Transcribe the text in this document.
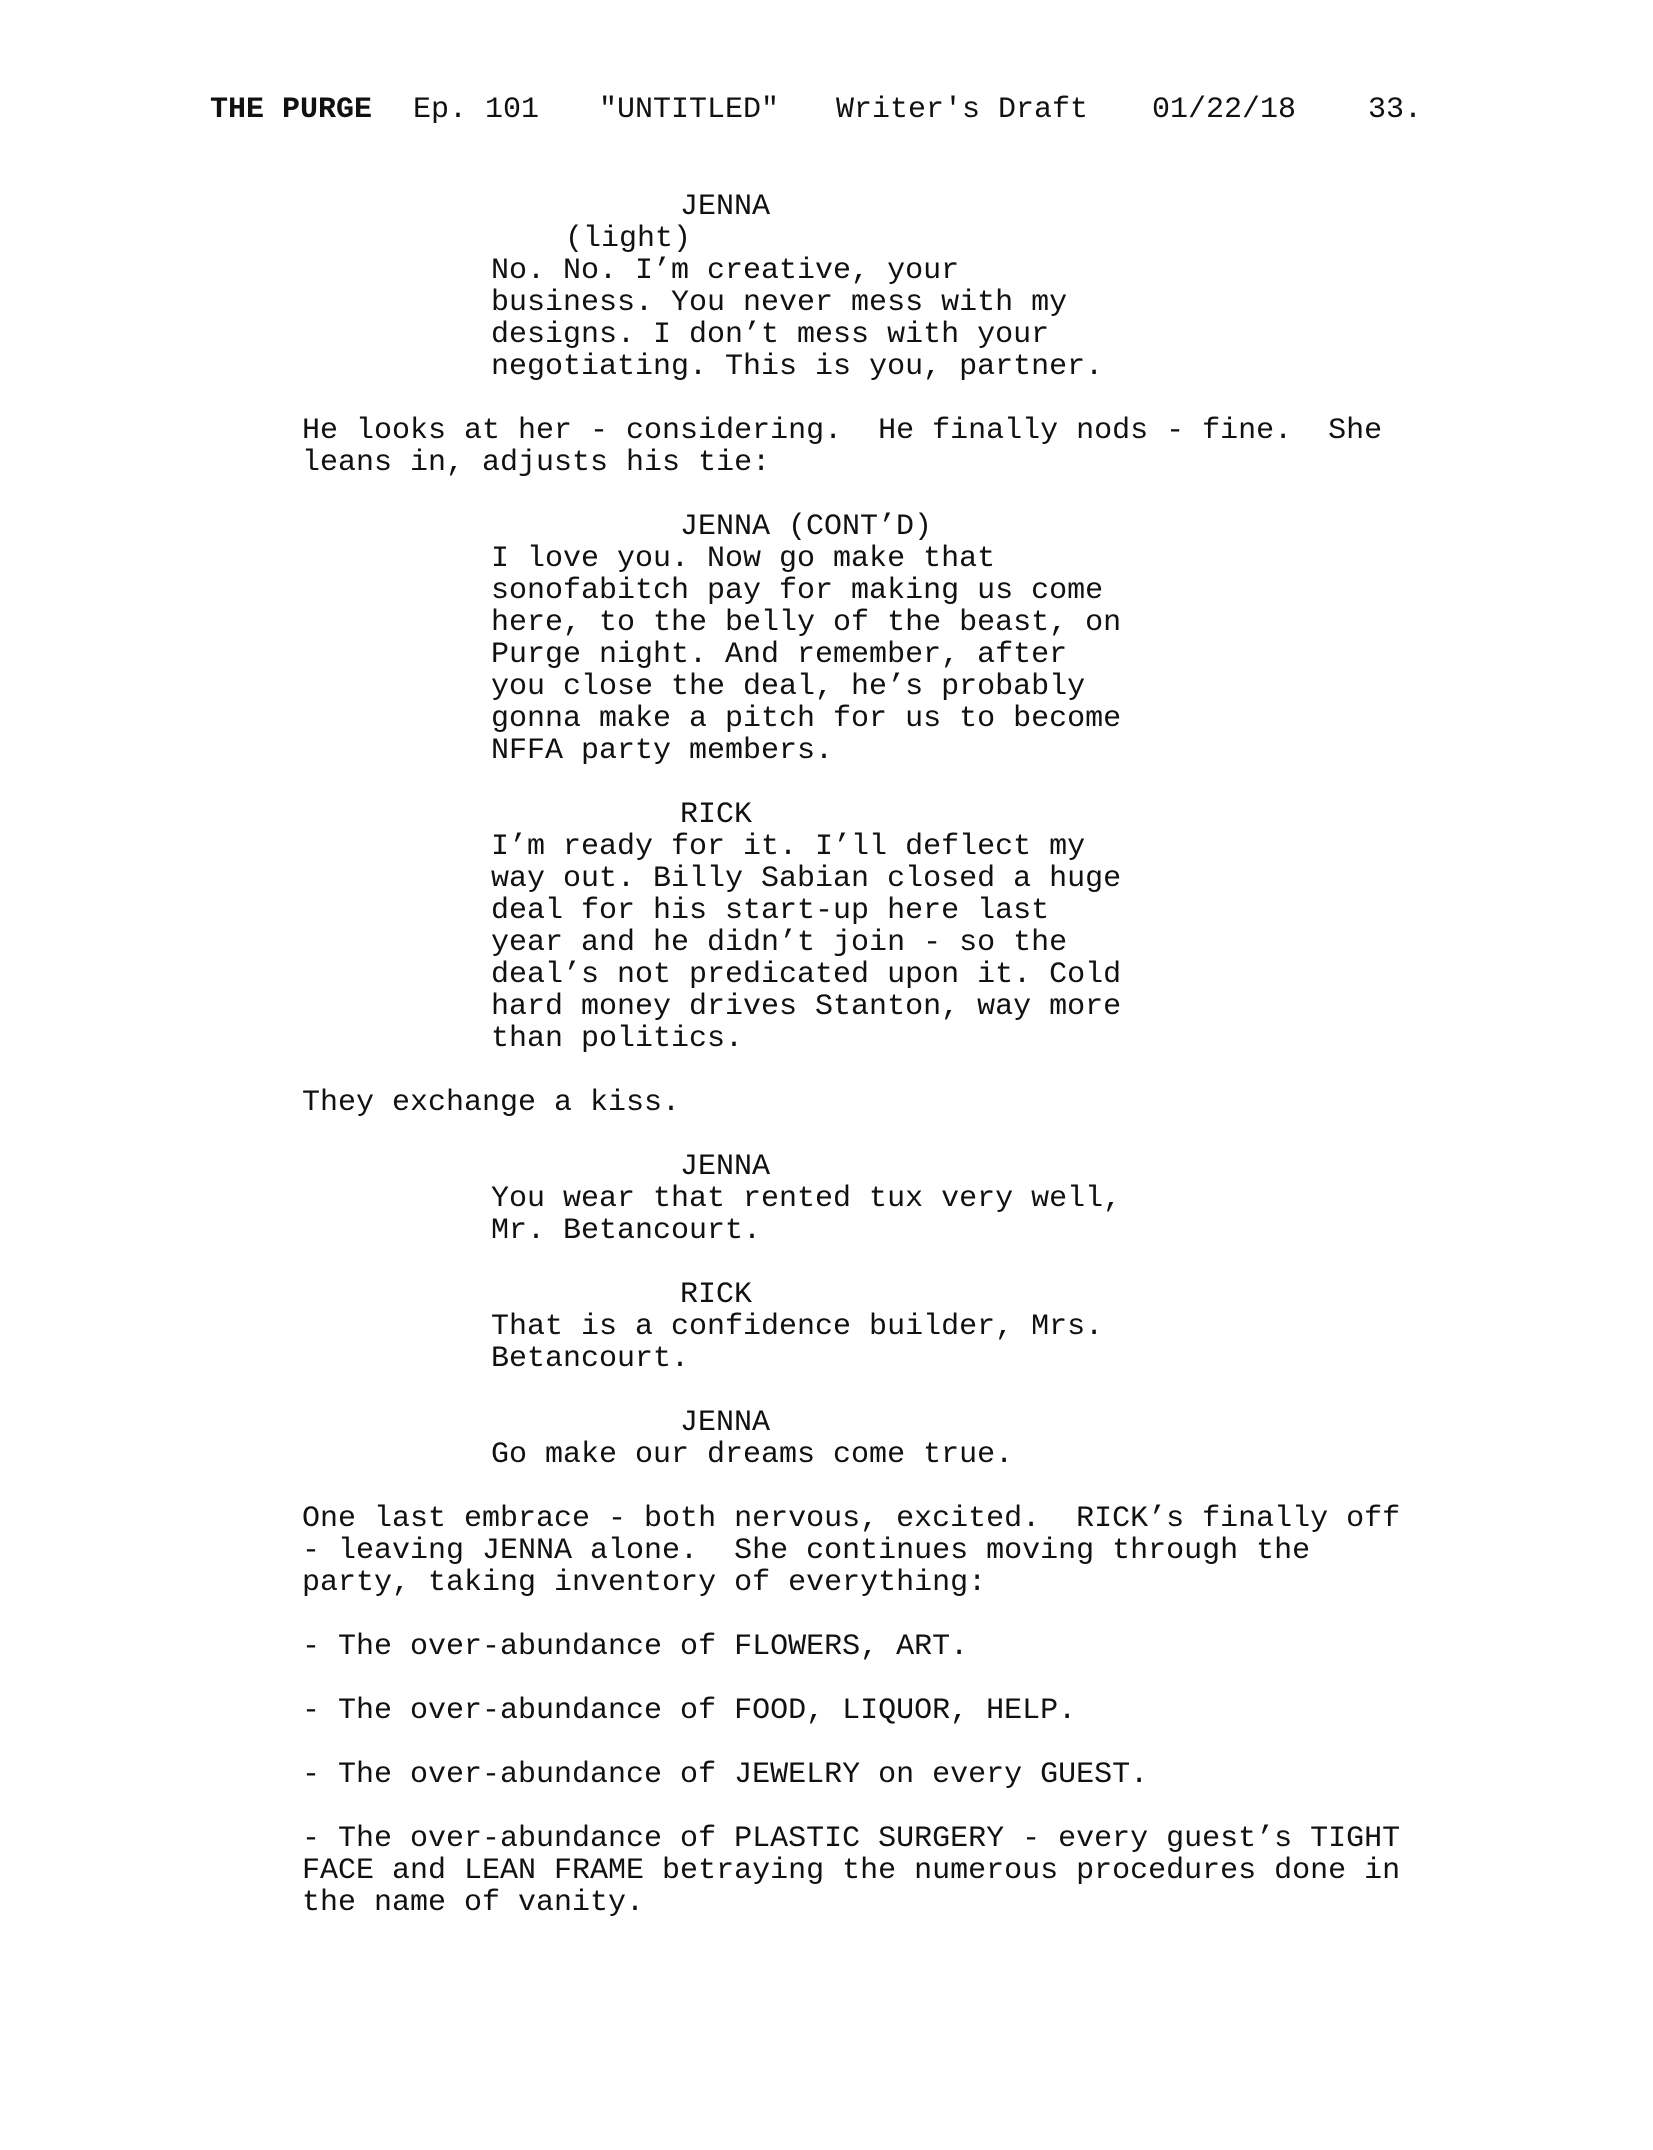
THE PURGE

Ep. 101

"UNTITLED"

Writer's Draft

01/22/18

33.

JENNA
(light)
No. No. I’m creative, your
business. You never mess with my
designs. I don’t mess with your
negotiating. This is you, partner.
He looks at her - considering.  He finally nods - fine.  She
leans in, adjusts his tie:
JENNA (CONT’D)
I love you. Now go make that
sonofabitch pay for making us come
here, to the belly of the beast, on
Purge night. And remember, after
you close the deal, he’s probably
gonna make a pitch for us to become
NFFA party members.
RICK
I’m ready for it. I’ll deflect my
way out. Billy Sabian closed a huge
deal for his start-up here last
year and he didn’t join - so the
deal’s not predicated upon it. Cold
hard money drives Stanton, way more
than politics.
They exchange a kiss.
JENNA
You wear that rented tux very well,
Mr. Betancourt.
RICK
That is a confidence builder, Mrs.
Betancourt.
JENNA
Go make our dreams come true.
One last embrace - both nervous, excited.  RICK’s finally off
- leaving JENNA alone.  She continues moving through the
party, taking inventory of everything:
- The over-abundance of FLOWERS, ART.
- The over-abundance of FOOD, LIQUOR, HELP.
- The over-abundance of JEWELRY on every GUEST.
- The over-abundance of PLASTIC SURGERY - every guest’s TIGHT
FACE and LEAN FRAME betraying the numerous procedures done in
the name of vanity.
